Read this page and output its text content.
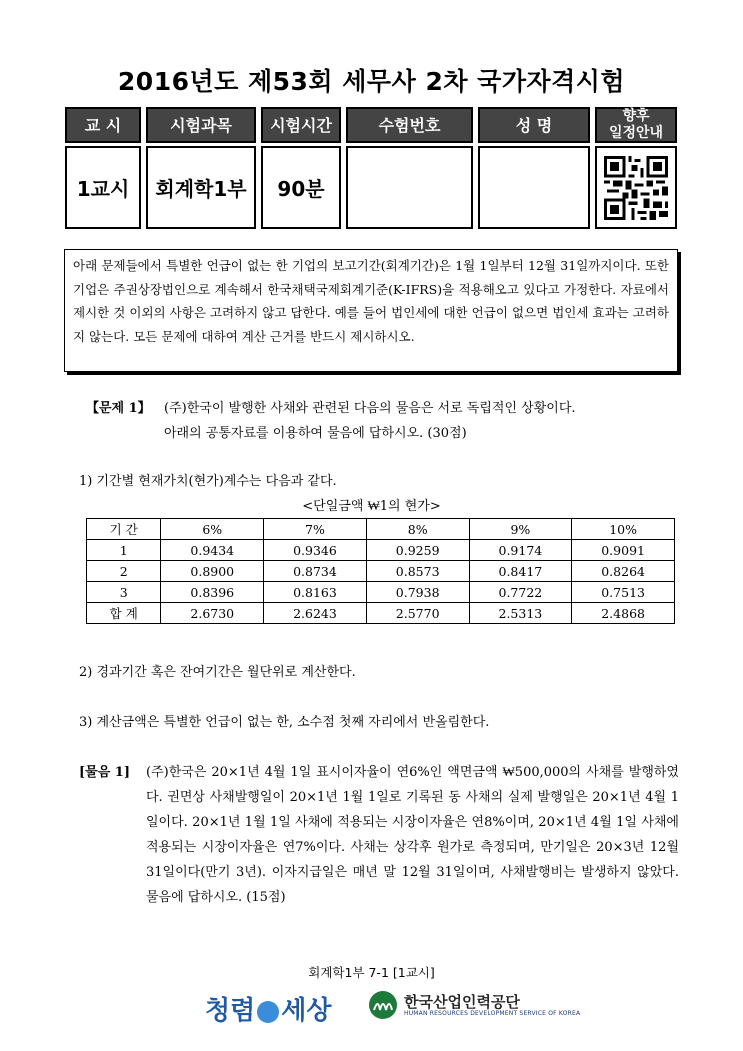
2016년도 제53회 세무사 2차 국가자격시험
교 시	시험과목	시험시간	수험번호	성 명	향후
일정안내
1교시	회계학1부	90분
아래 문제들에서 특별한 언급이 없는 한 기업의 보고기간(회계기간)은 1월 1일부터 12월 31일까지이다. 또한 기업은 주권상장법인으로 계속해서 한국채택국제회계기준(K-IFRS)을 적용해오고 있다고 가정한다. 자료에서 제시한 것 이외의 사항은 고려하지 않고 답한다. 예를 들어 법인세에 대한 언급이 없으면 법인세 효과는 고려하지 않는다. 모든 문제에 대하여 계산 근거를 반드시 제시하시오.
【문제 1】 (주)한국이 발행한 사채와 관련된 다음의 물음은 서로 독립적인 상황이다.
아래의 공통자료를 이용하여 물음에 답하시오. (30점)
1) 기간별 현재가치(현가)계수는 다음과 같다.
<단일금액 ₩1의 현가>
기 간	6%	7%	8%	9%	10%
1	0.9434	0.9346	0.9259	0.9174	0.9091
2	0.8900	0.8734	0.8573	0.8417	0.8264
3	0.8396	0.8163	0.7938	0.7722	0.7513
합 계	2.6730	2.6243	2.5770	2.5313	2.4868
2) 경과기간 혹은 잔여기간은 월단위로 계산한다.
3) 계산금액은 특별한 언급이 없는 한, 소수점 첫째 자리에서 반올림한다.
[물음 1] (주)한국은 20×1년 4월 1일 표시이자율이 연6%인 액면금액 ₩500,000의 사채를 발행하였다. 권면상 사채발행일이 20×1년 1월 1일로 기록된 동 사채의 실제 발행일은 20×1년 4월 1일이다. 20×1년 1월 1일 사채에 적용되는 시장이자율은 연8%이며, 20×1년 4월 1일 사채에 적용되는 시장이자율은 연7%이다. 사채는 상각후 원가로 측정되며, 만기일은 20×3년 12월 31일이다(만기 3년). 이자지급일은 매년 말 12월 31일이며, 사채발행비는 발생하지 않았다. 물음에 답하시오. (15점)
회계학1부 7-1 [1교시]
청렴 세상	한국산업인력공단
HUMAN RESOURCES DEVELOPMENT SERVICE OF KOREA
